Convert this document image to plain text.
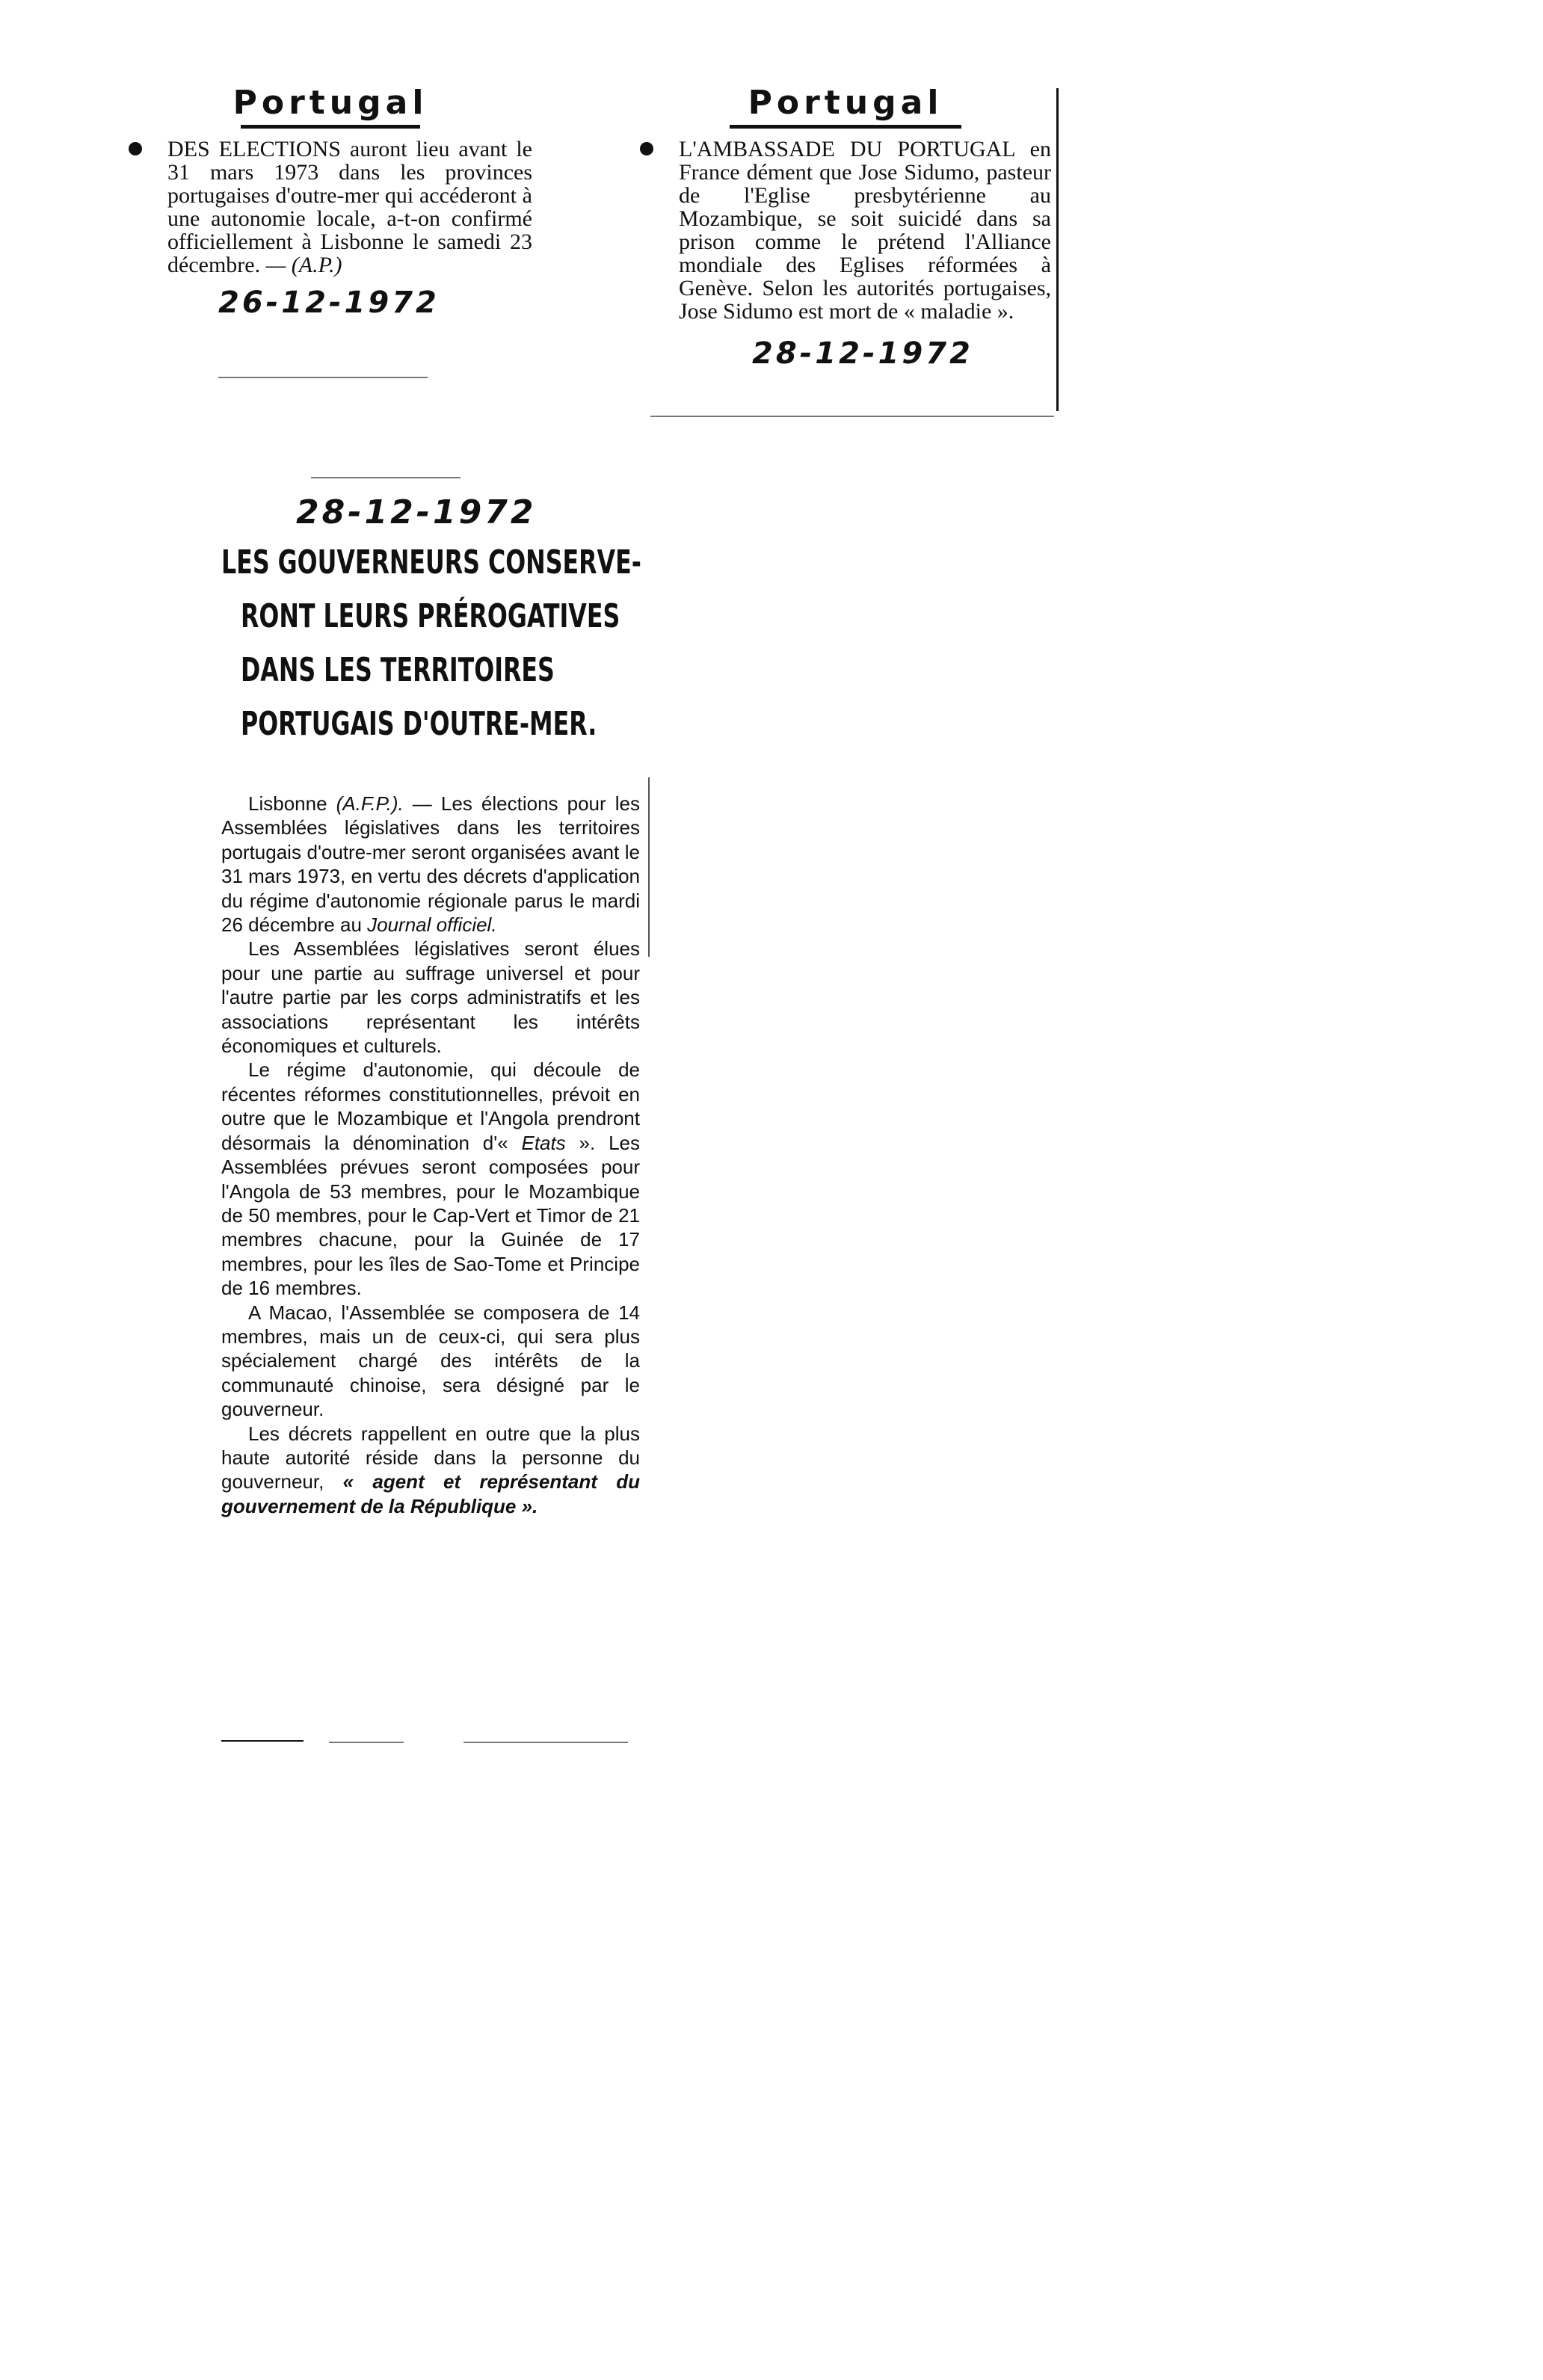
Portugal
DES ELECTIONS auront lieu avant le 31 mars 1973 dans les provinces portugaises d'outre-mer qui accéderont à une autonomie locale, a-t-on confirmé officiellement à Lisbonne le samedi 23 décembre. — (A.P.)
26-12-1972
Portugal
L'AMBASSADE DU PORTUGAL en France dément que Jose Sidumo, pasteur de l'Eglise presbytérienne au Mozambique, se soit suicidé dans sa prison comme le prétend l'Alliance mondiale des Eglises réformées à Genève. Selon les autorités portugaises, Jose Sidumo est mort de « maladie ».
28-12-1972
28-12-1972
LES GOUVERNEURS CONSERVE-
RONT LEURS PRÉROGATIVES
DANS LES TERRITOIRES
PORTUGAIS D'OUTRE-MER.

Lisbonne (A.F.P.). — Les élections pour les Assemblées législatives dans les territoires portugais d'outre-mer seront organisées avant le 31 mars 1973, en vertu des décrets d'application du régime d'autonomie régionale parus le mardi 26 décembre au Journal officiel.

Les Assemblées législatives seront élues pour une partie au suffrage universel et pour l'autre partie par les corps administratifs et les associations représentant les intérêts économiques et culturels.

Le régime d'autonomie, qui découle de récentes réformes constitutionnelles, prévoit en outre que le Mozambique et l'Angola prendront désormais la dénomination d'« Etats ». Les Assemblées prévues seront composées pour l'Angola de 53 membres, pour le Mozambique de 50 membres, pour le Cap-Vert et Timor de 21 membres chacune, pour la Guinée de 17 membres, pour les îles de Sao-Tome et Principe de 16 membres.

A Macao, l'Assemblée se composera de 14 membres, mais un de ceux-ci, qui sera plus spécialement chargé des intérêts de la communauté chinoise, sera désigné par le gouverneur.

Les décrets rappellent en outre que la plus haute autorité réside dans la personne du gouverneur, « agent et représentant du gouvernement de la République ».
